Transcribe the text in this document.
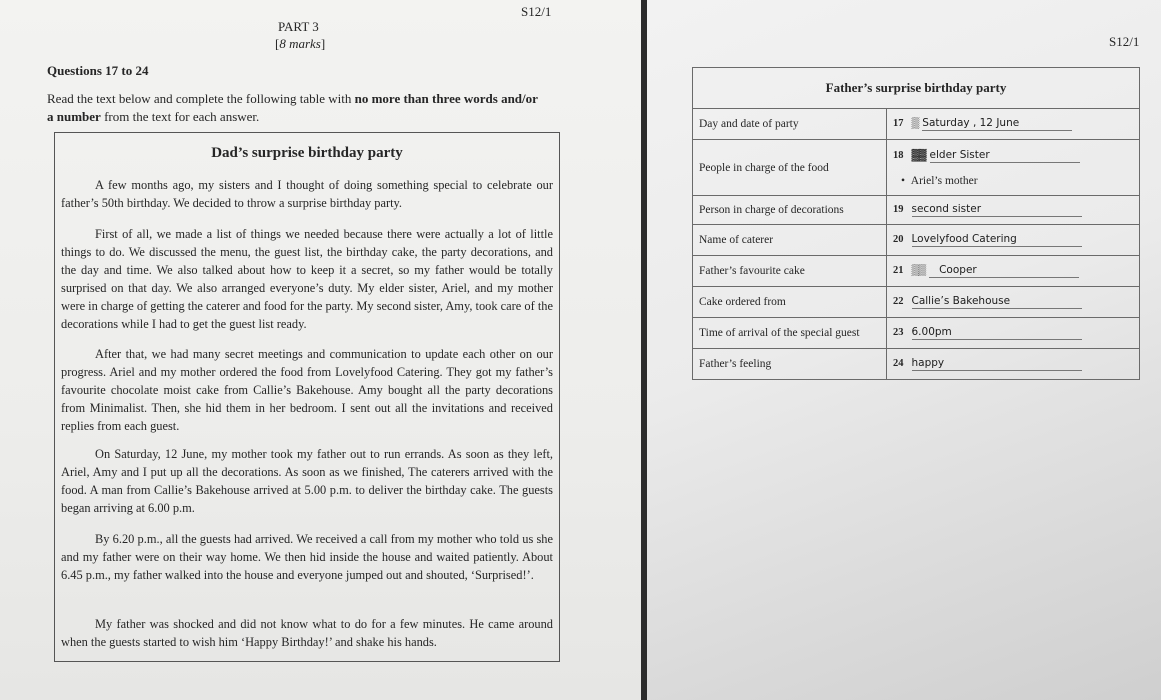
S12/1
PART 3
[8 marks]
Questions 17 to 24
Read the text below and complete the following table with no more than three words and/or
a number from the text for each answer.
Dad’s surprise birthday party
A few months ago, my sisters and I thought of doing something special to celebrate our father’s 50th birthday. We decided to throw a surprise birthday party.
First of all, we made a list of things we needed because there were actually a lot of little things to do. We discussed the menu, the guest list, the birthday cake, the party decorations, and the day and time. We also talked about how to keep it a secret, so my father would be totally surprised on that day. We also arranged everyone’s duty. My elder sister, Ariel, and my mother were in charge of getting the caterer and food for the party. My second sister, Amy, took care of the decorations while I had to get the guest list ready.
After that, we had many secret meetings and communication to update each other on our progress. Ariel and my mother ordered the food from Lovelyfood Catering. They got my father’s favourite chocolate moist cake from Callie’s Bakehouse. Amy bought all the party decorations from Minimalist. Then, she hid them in her bedroom. I sent out all the invitations and received replies from each guest.
On Saturday, 12 June, my mother took my father out to run errands. As soon as they left, Ariel, Amy and I put up all the decorations. As soon as we finished, The caterers arrived with the food. A man from Callie’s Bakehouse arrived at 5.00 p.m. to deliver the birthday cake. The guests began arriving at 6.00 p.m.
By 6.20 p.m., all the guests had arrived. We received a call from my mother who told us she and my father were on their way home. We then hid inside the house and waited patiently. About 6.45 p.m., my father walked into the house and everyone jumped out and shouted, ‘Surprised!’.
My father was shocked and did not know what to do for a few minutes. He came around when the guests started to wish him ‘Happy Birthday!’ and shake his hands.
S12/1
Father’s surprise birthday party	
Day and date of party	17 ▒ Saturday , 12 June
People in charge of the food	18 ▓▓ elder Sister
• Ariel’s mother

Person in charge of decorations	19 second sister
Name of caterer	20 Lovelyfood Catering
Father’s favourite cake	21 ▒▒ Cooper
Cake ordered from	22 Callie’s Bakehouse
Time of arrival of the special guest	23 6.00pm
Father’s feeling	24 happy
